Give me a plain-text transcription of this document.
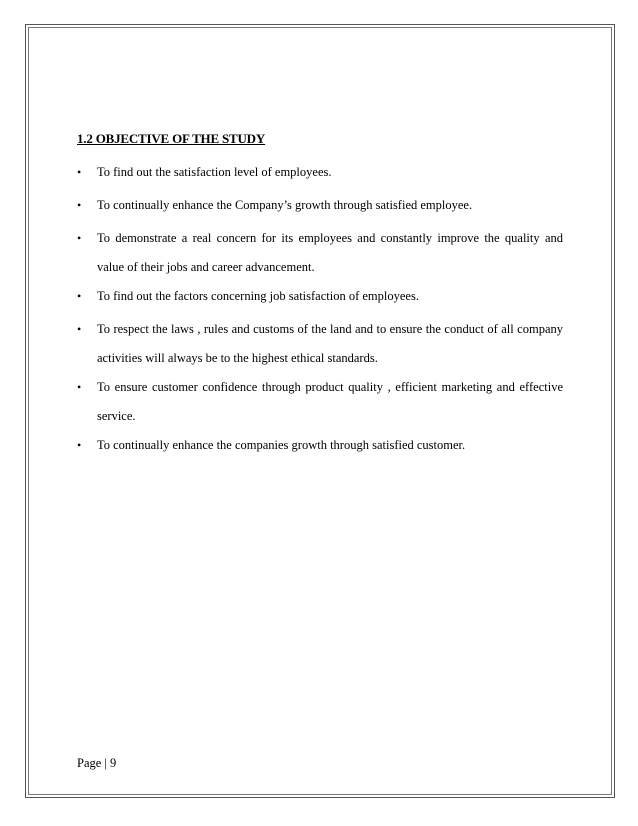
1.2 OBJECTIVE OF THE STUDY
•	To find out the satisfaction level of employees.
•	To continually enhance the Company’s growth through satisfied employee.
•	To demonstrate a real concern for its employees and constantly improve the quality and value of their jobs and career advancement.
•	To find out the factors concerning job satisfaction of employees.
•	To respect the laws , rules and customs of the land and to ensure the conduct of all company activities will always be to the highest ethical standards.
•	To ensure customer confidence through product quality , efficient marketing and effective service.
•	To continually enhance the companies growth through satisfied customer.
Page | 9
